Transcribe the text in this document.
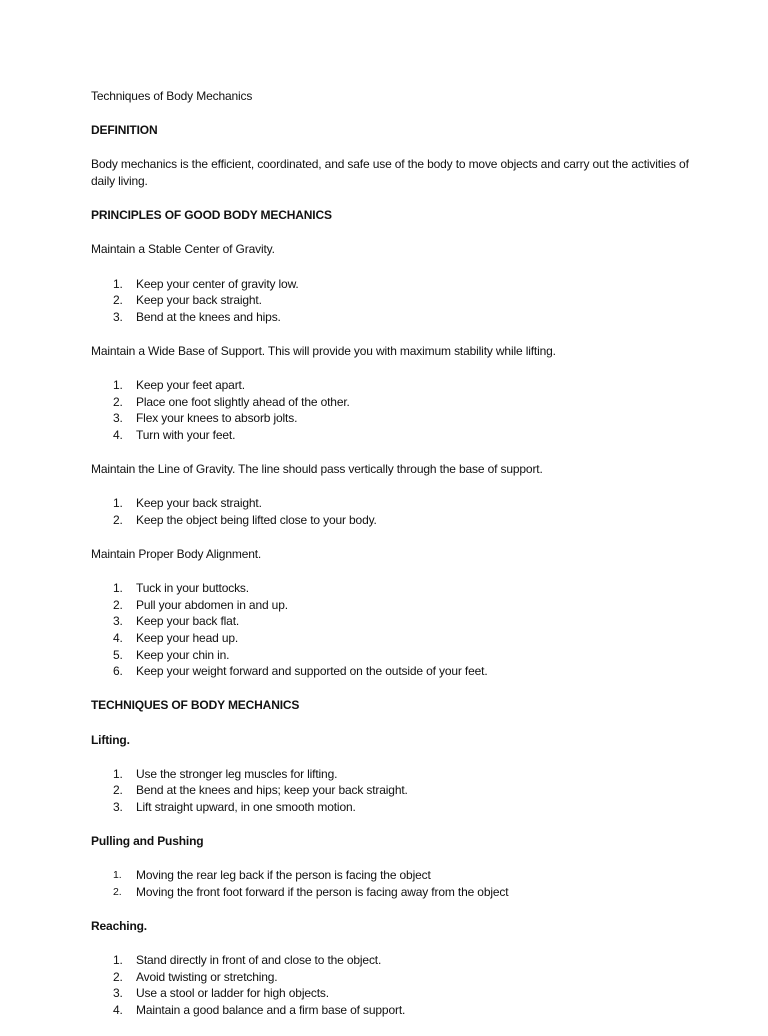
Techniques of Body Mechanics

DEFINITION

Body mechanics is the efficient, coordinated, and safe use of the body to move objects and carry out the activities of daily living.

PRINCIPLES OF GOOD BODY MECHANICS

Maintain a Stable Center of Gravity.

1. Keep your center of gravity low.
2. Keep your back straight.
3. Bend at the knees and hips.

Maintain a Wide Base of Support. This will provide you with maximum stability while lifting.

1. Keep your feet apart.
2. Place one foot slightly ahead of the other.
3. Flex your knees to absorb jolts.
4. Turn with your feet.

Maintain the Line of Gravity. The line should pass vertically through the base of support.

1. Keep your back straight.
2. Keep the object being lifted close to your body.

Maintain Proper Body Alignment.

1. Tuck in your buttocks.
2. Pull your abdomen in and up.
3. Keep your back flat.
4. Keep your head up.
5. Keep your chin in.
6. Keep your weight forward and supported on the outside of your feet.

TECHNIQUES OF BODY MECHANICS

Lifting.

1. Use the stronger leg muscles for lifting.
2. Bend at the knees and hips; keep your back straight.
3. Lift straight upward, in one smooth motion.

Pulling and Pushing

1. Moving the rear leg back if the person is facing the object
2. Moving the front foot forward if the person is facing away from the object

Reaching.

1. Stand directly in front of and close to the object.
2. Avoid twisting or stretching.
3. Use a stool or ladder for high objects.
4. Maintain a good balance and a firm base of support.
